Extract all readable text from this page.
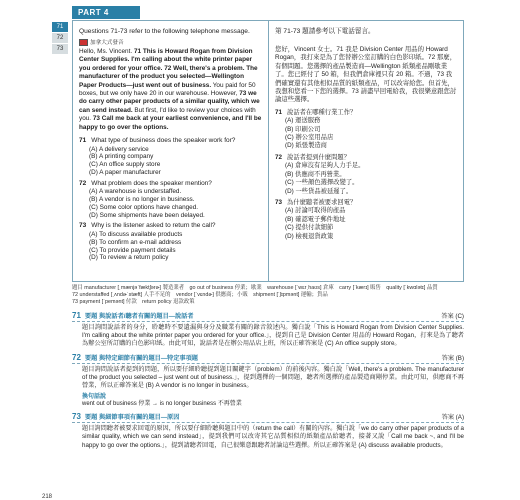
PART 4
71
72
73
Questions 71-73 refer to the following telephone message.
加拿大式發音
Hello, Ms. Vincent. 71 This is Howard Rogan from Division Center Supplies. I'm calling about the white printer paper you ordered for your office. 72 Well, there's a problem. The manufacturer of the product you selected—Wellington Paper Products—just went out of business. You paid for 50 boxes, but we only have 20 in our warehouse. However, 73 we do carry other paper products of a similar quality, which we can send instead. But first, I'd like to review your choices with you. 73 Call me back at your earliest convenience, and I'll be happy to go over the options.
71 What type of business does the speaker work for?
(A) A delivery service
(B) A printing company
(C) An office supply store
(D) A paper manufacturer
72 What problem does the speaker mention?
(A) A warehouse is understaffed.
(B) A vendor is no longer in business.
(C) Some color options have changed.
(D) Some shipments have been delayed.
73 Why is the listener asked to return the call?
(A) To discuss available products
(B) To confirm an e-mail address
(C) To provide payment details
(D) To review a return policy
第 71-73 題請參考以下電話留言。
您好，Vincent 女士。71 我是 Division Center 用品的 Howard Rogan，我打來是為了您替辦公室訂購的白色影印紙。72 那麼，有個問題。您選擇的產品製造商—Wellington 紙類產品剛歇業了。您已經付了 50 箱，但我們倉庫裡只有 20 箱。不過，73 我們確實還有其他相似品質的紙類產品，可以改寄給您。但首先，我想和您看一下您的選擇。73 請盡早回電給我，我很樂意跟您討論這些選擇。
71 說話者在哪種行業工作？
(A) 運送服務
(B) 印刷公司
(C) 辦公室用品店
(D) 紙張製造商
72 說話者提到什麼問題？
(A) 倉庫沒有足夠人力手足。
(B) 供應商不再營業。
(C) 一些顏色選擇改變了。
(D) 一些貨品被延遲了。
73 為什麼聽者被要求回電？
(A) 討論可取得的產品
(B) 確認電子郵件地址
(C) 提供付款細節
(D) 檢視退貨政策
題目 manufacturer [ˌmænjəˈfæktʃərɚ] 製造業者　go out of business 停業；歇業　warehouse [ˈwɛrˌhaʊs] 倉庫　carry [ˈkærɪ] 販售　quality [ˈkwɑlətɪ] 品質
72 understaffed [ˌʌndɚˈstæft] 人手不足的　vendor [ˈvɛndɚ] 供應商；小販　shipment [ˈʃɪpmənt] 運輸；貨品
73 payment [ˈpemənt] 付款　return policy 退款政策
71 要題 與說話者/聽者有關的題目—說話者	答案 (C)
題目詢問說話者的身分，聆聽時不要遺漏與身分及職業有關的錄音敘述內。獨白說「This is Howard Rogan from Division Center Supplies. I'm calling about the white printer paper you ordered for your office.」，提到自己是 Division Center 用品的 Howard Rogan，打來是為了聽者為辦公室所訂購的白色影印紙。由此可知，說話者是在辦公用品店上班，所以正確答案是 (C) An office supply store。
72 要題 與特定細節有關的題目—特定事項題	答案 (B)
題目詢問說話者提到的問題，所以要仔細聆聽提到題目關鍵字（problem）的前後內容。獨白說「Well, there's a problem. The manufacturer of the product you selected – just went out of business.」，提到選擇的一個問題，聽者所選擇的產品製造商剛停業。由此可知，供應商不再營業，所以正確答案是 (B) A vendor is no longer in business。
換句話說
went out of business 停業 → is no longer business 不再營業
73 要題 與細節事項有關的題目—原因	答案 (A)
題目詢問聽者被要求回電的原因，所以要仔細聆聽與題目中的（return the call）有關的內容。獨白說「we do carry other paper products of a similar quality, which we can send instead」，提到我們可以改寄其它品質相似的紙類產品給聽者，接著又說「Call me back ~, and I'll be happy to go over the options.」，提到請聽者回電，自己很樂意跟聽者討論這些選擇。所以正確答案是 (A) discuss available products。
218
